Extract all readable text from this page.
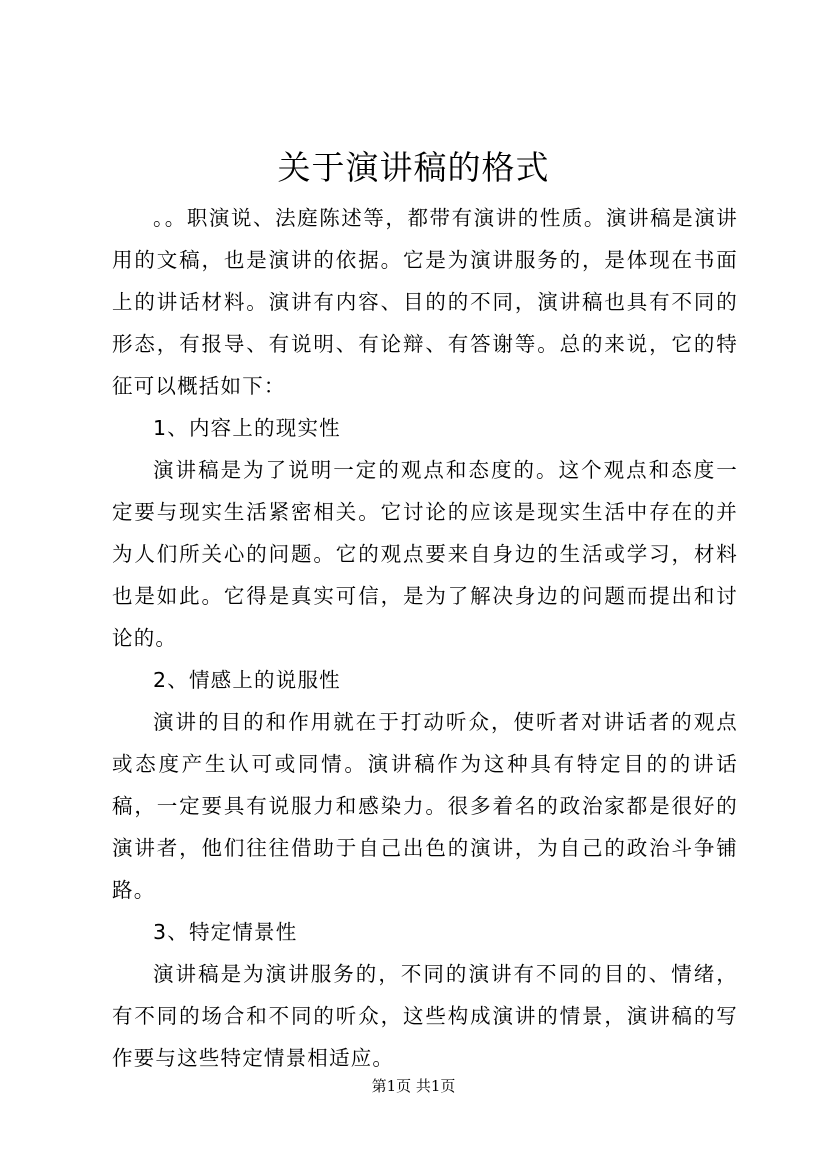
关于演讲稿的格式

。。职演说、法庭陈述等，都带有演讲的性质。演讲稿是演讲用的文稿，也是演讲的依据。它是为演讲服务的，是体现在书面上的讲话材料。演讲有内容、目的的不同，演讲稿也具有不同的形态，有报导、有说明、有论辩、有答谢等。总的来说，它的特征可以概括如下：

1、内容上的现实性

演讲稿是为了说明一定的观点和态度的。这个观点和态度一定要与现实生活紧密相关。它讨论的应该是现实生活中存在的并为人们所关心的问题。它的观点要来自身边的生活或学习，材料也是如此。它得是真实可信，是为了解决身边的问题而提出和讨论的。

2、情感上的说服性

演讲的目的和作用就在于打动听众，使听者对讲话者的观点或态度产生认可或同情。演讲稿作为这种具有特定目的的讲话稿，一定要具有说服力和感染力。很多着名的政治家都是很好的演讲者，他们往往借助于自己出色的演讲，为自己的政治斗争铺路。

3、特定情景性

演讲稿是为演讲服务的，不同的演讲有不同的目的、情绪，有不同的场合和不同的听众，这些构成演讲的情景，演讲稿的写作要与这些特定情景相适应。

第1页 共1页
